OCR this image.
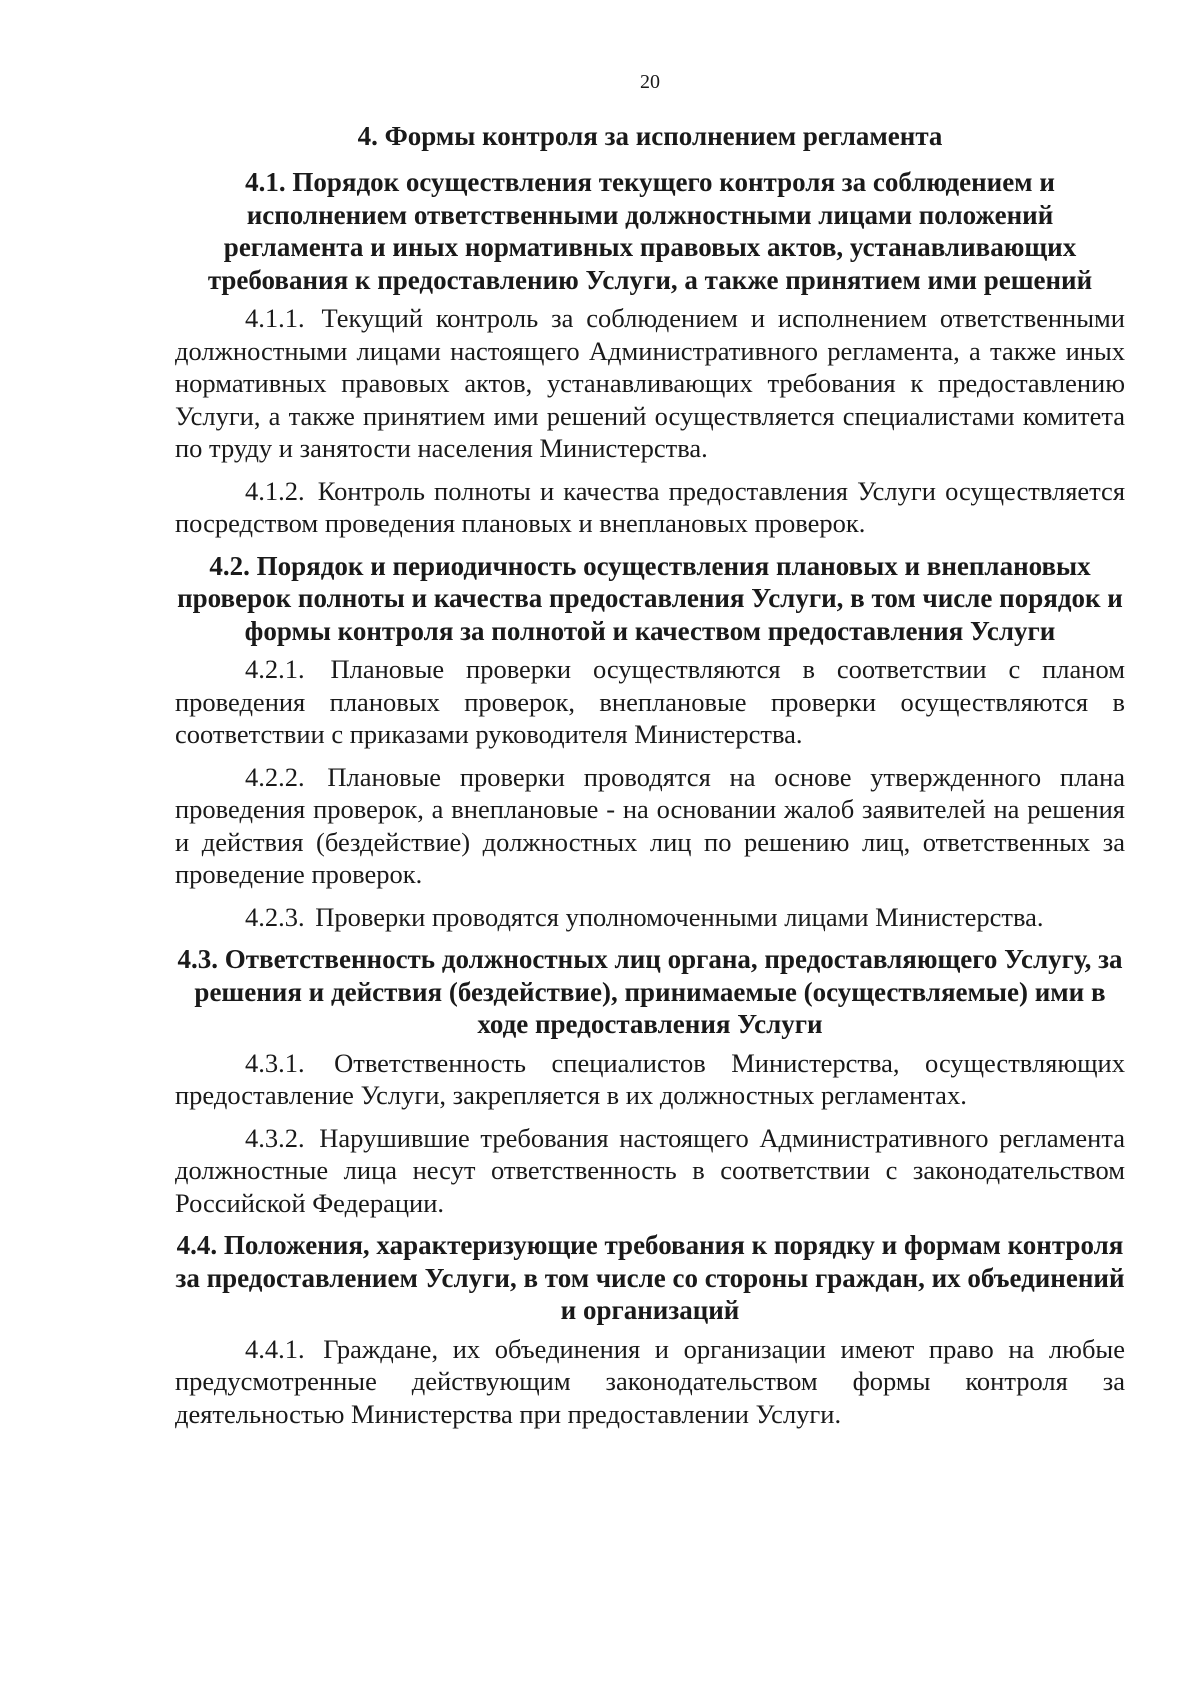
20
4. Формы контроля за исполнением регламента
4.1. Порядок осуществления текущего контроля за соблюдением и исполнением ответственными должностными лицами положений регламента и иных нормативных правовых актов, устанавливающих требования к предоставлению Услуги, а также принятием ими решений

4.1.1. Текущий контроль за соблюдением и исполнением ответственными должностными лицами настоящего Административного регламента, а также иных нормативных правовых актов, устанавливающих требования к предоставлению Услуги, а также принятием ими решений осуществляется специалистами комитета по труду и занятости населения Министерства.

4.1.2. Контроль полноты и качества предоставления Услуги осуществляется посредством проведения плановых и внеплановых проверок.

4.2. Порядок и периодичность осуществления плановых и внеплановых проверок полноты и качества предоставления Услуги, в том числе порядок и формы контроля за полнотой и качеством предоставления Услуги

4.2.1. Плановые проверки осуществляются в соответствии с планом проведения плановых проверок, внеплановые проверки осуществляются в соответствии с приказами руководителя Министерства.

4.2.2. Плановые проверки проводятся на основе утвержденного плана проведения проверок, а внеплановые - на основании жалоб заявителей на решения и действия (бездействие) должностных лиц по решению лиц, ответственных за проведение проверок.

4.2.3. Проверки проводятся уполномоченными лицами Министерства.

4.3. Ответственность должностных лиц органа, предоставляющего Услугу, за решения и действия (бездействие), принимаемые (осуществляемые) ими в ходе предоставления Услуги

4.3.1. Ответственность специалистов Министерства, осуществляющих предоставление Услуги, закрепляется в их должностных регламентах.

4.3.2. Нарушившие требования настоящего Административного регламента должностные лица несут ответственность в соответствии с законодательством Российской Федерации.

4.4. Положения, характеризующие требования к порядку и формам контроля за предоставлением Услуги, в том числе со стороны граждан, их объединений и организаций

4.4.1. Граждане, их объединения и организации имеют право на любые предусмотренные действующим законодательством формы контроля за деятельностью Министерства при предоставлении Услуги.
